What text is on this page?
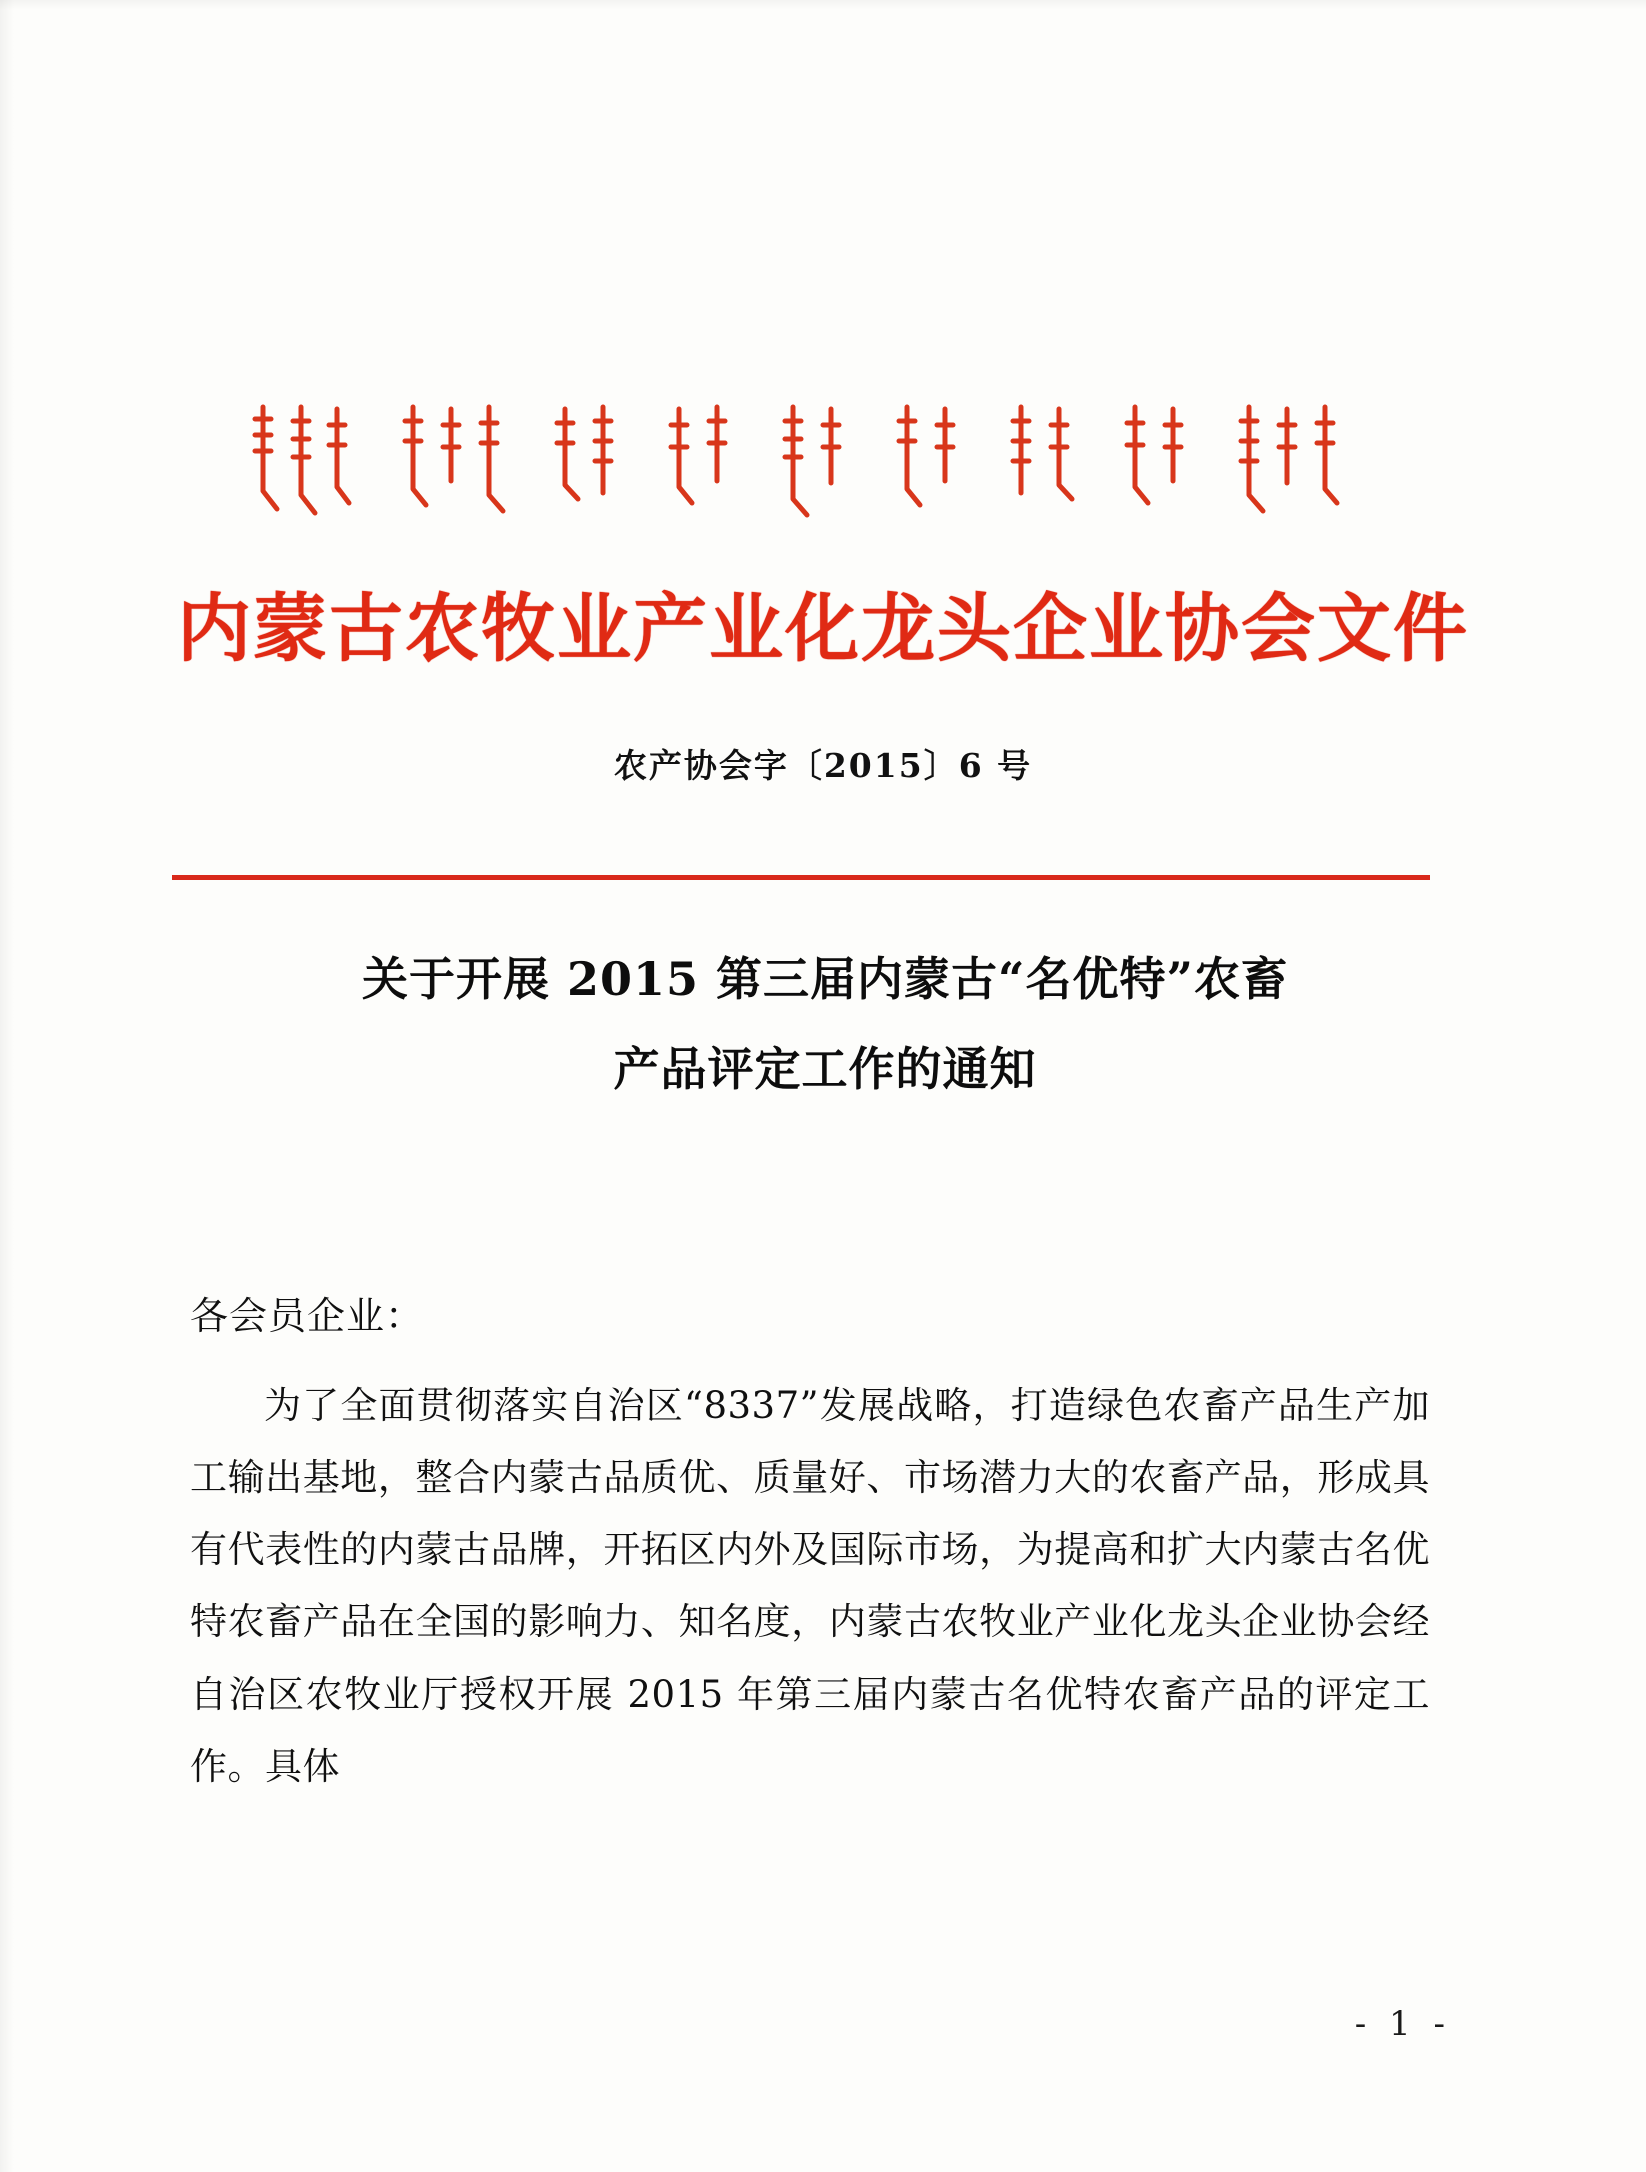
内蒙古农牧业产业化龙头企业协会文件
农产协会字〔2015〕6 号
关于开展 2015 第三届内蒙古“名优特”农畜
产品评定工作的通知
各会员企业：

为了全面贯彻落实自治区“8337”发展战略，打造绿色农畜产品生产加工输出基地，整合内蒙古品质优、质量好、市场潜力大的农畜产品，形成具有代表性的内蒙古品牌，开拓区内外及国际市场，为提高和扩大内蒙古名优特农畜产品在全国的影响力、知名度，内蒙古农牧业产业化龙头企业协会经自治区农牧业厅授权开展 2015 年第三届内蒙古名优特农畜产品的评定工作。具体

- 1 -
